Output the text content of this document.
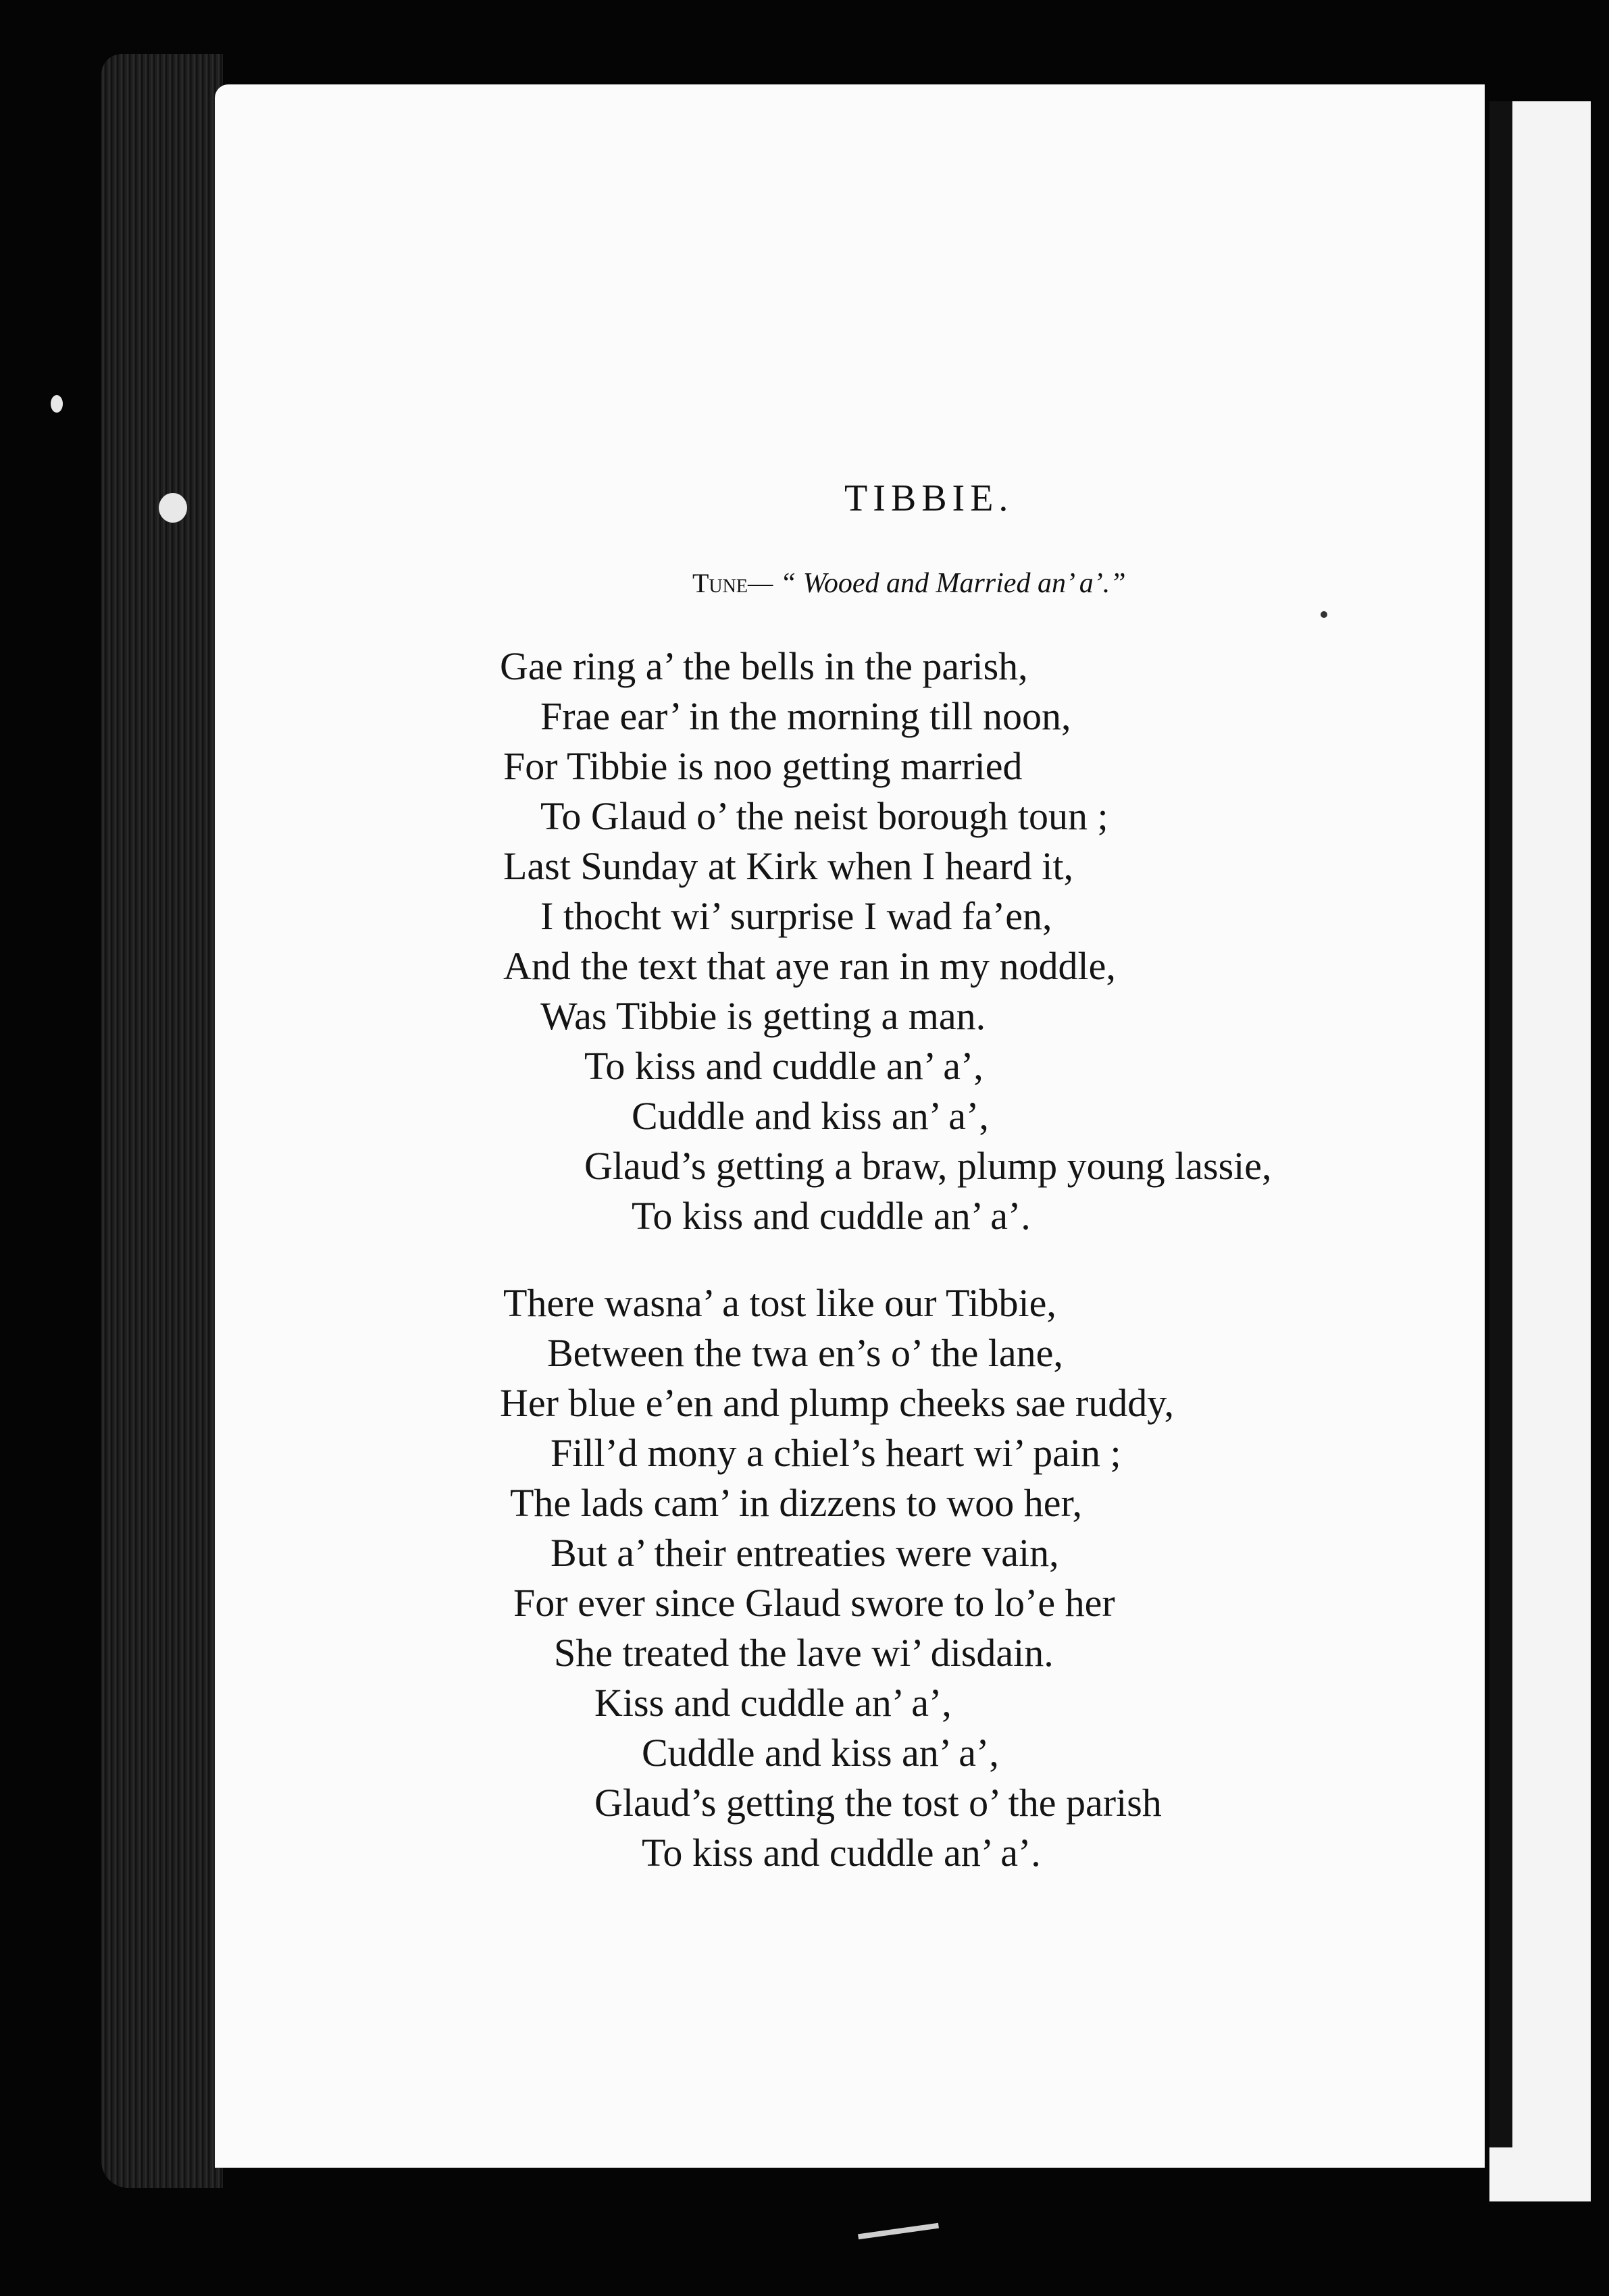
TIBBIE.
Tune— “ Wooed and Married an’ a’.”
Gae ring a’ the bells in the parish,
Frae ear’ in the morning till noon,
For Tibbie is noo getting married
To Glaud o’ the neist borough toun ;
Last Sunday at Kirk when I heard it,
I thocht wi’ surprise I wad fa’en,
And the text that aye ran in my noddle,
Was Tibbie is getting a man.
To kiss and cuddle an’ a’,
Cuddle and kiss an’ a’,
Glaud’s getting a braw, plump young lassie,
To kiss and cuddle an’ a’.
There wasna’ a tost like our Tibbie,
Between the twa en’s o’ the lane,
Her blue e’en and plump cheeks sae ruddy,
Fill’d mony a chiel’s heart wi’ pain ;
The lads cam’ in dizzens to woo her,
But a’ their entreaties were vain,
For ever since Glaud swore to lo’e her
She treated the lave wi’ disdain.
Kiss and cuddle an’ a’,
Cuddle and kiss an’ a’,
Glaud’s getting the tost o’ the parish
To kiss and cuddle an’ a’.
